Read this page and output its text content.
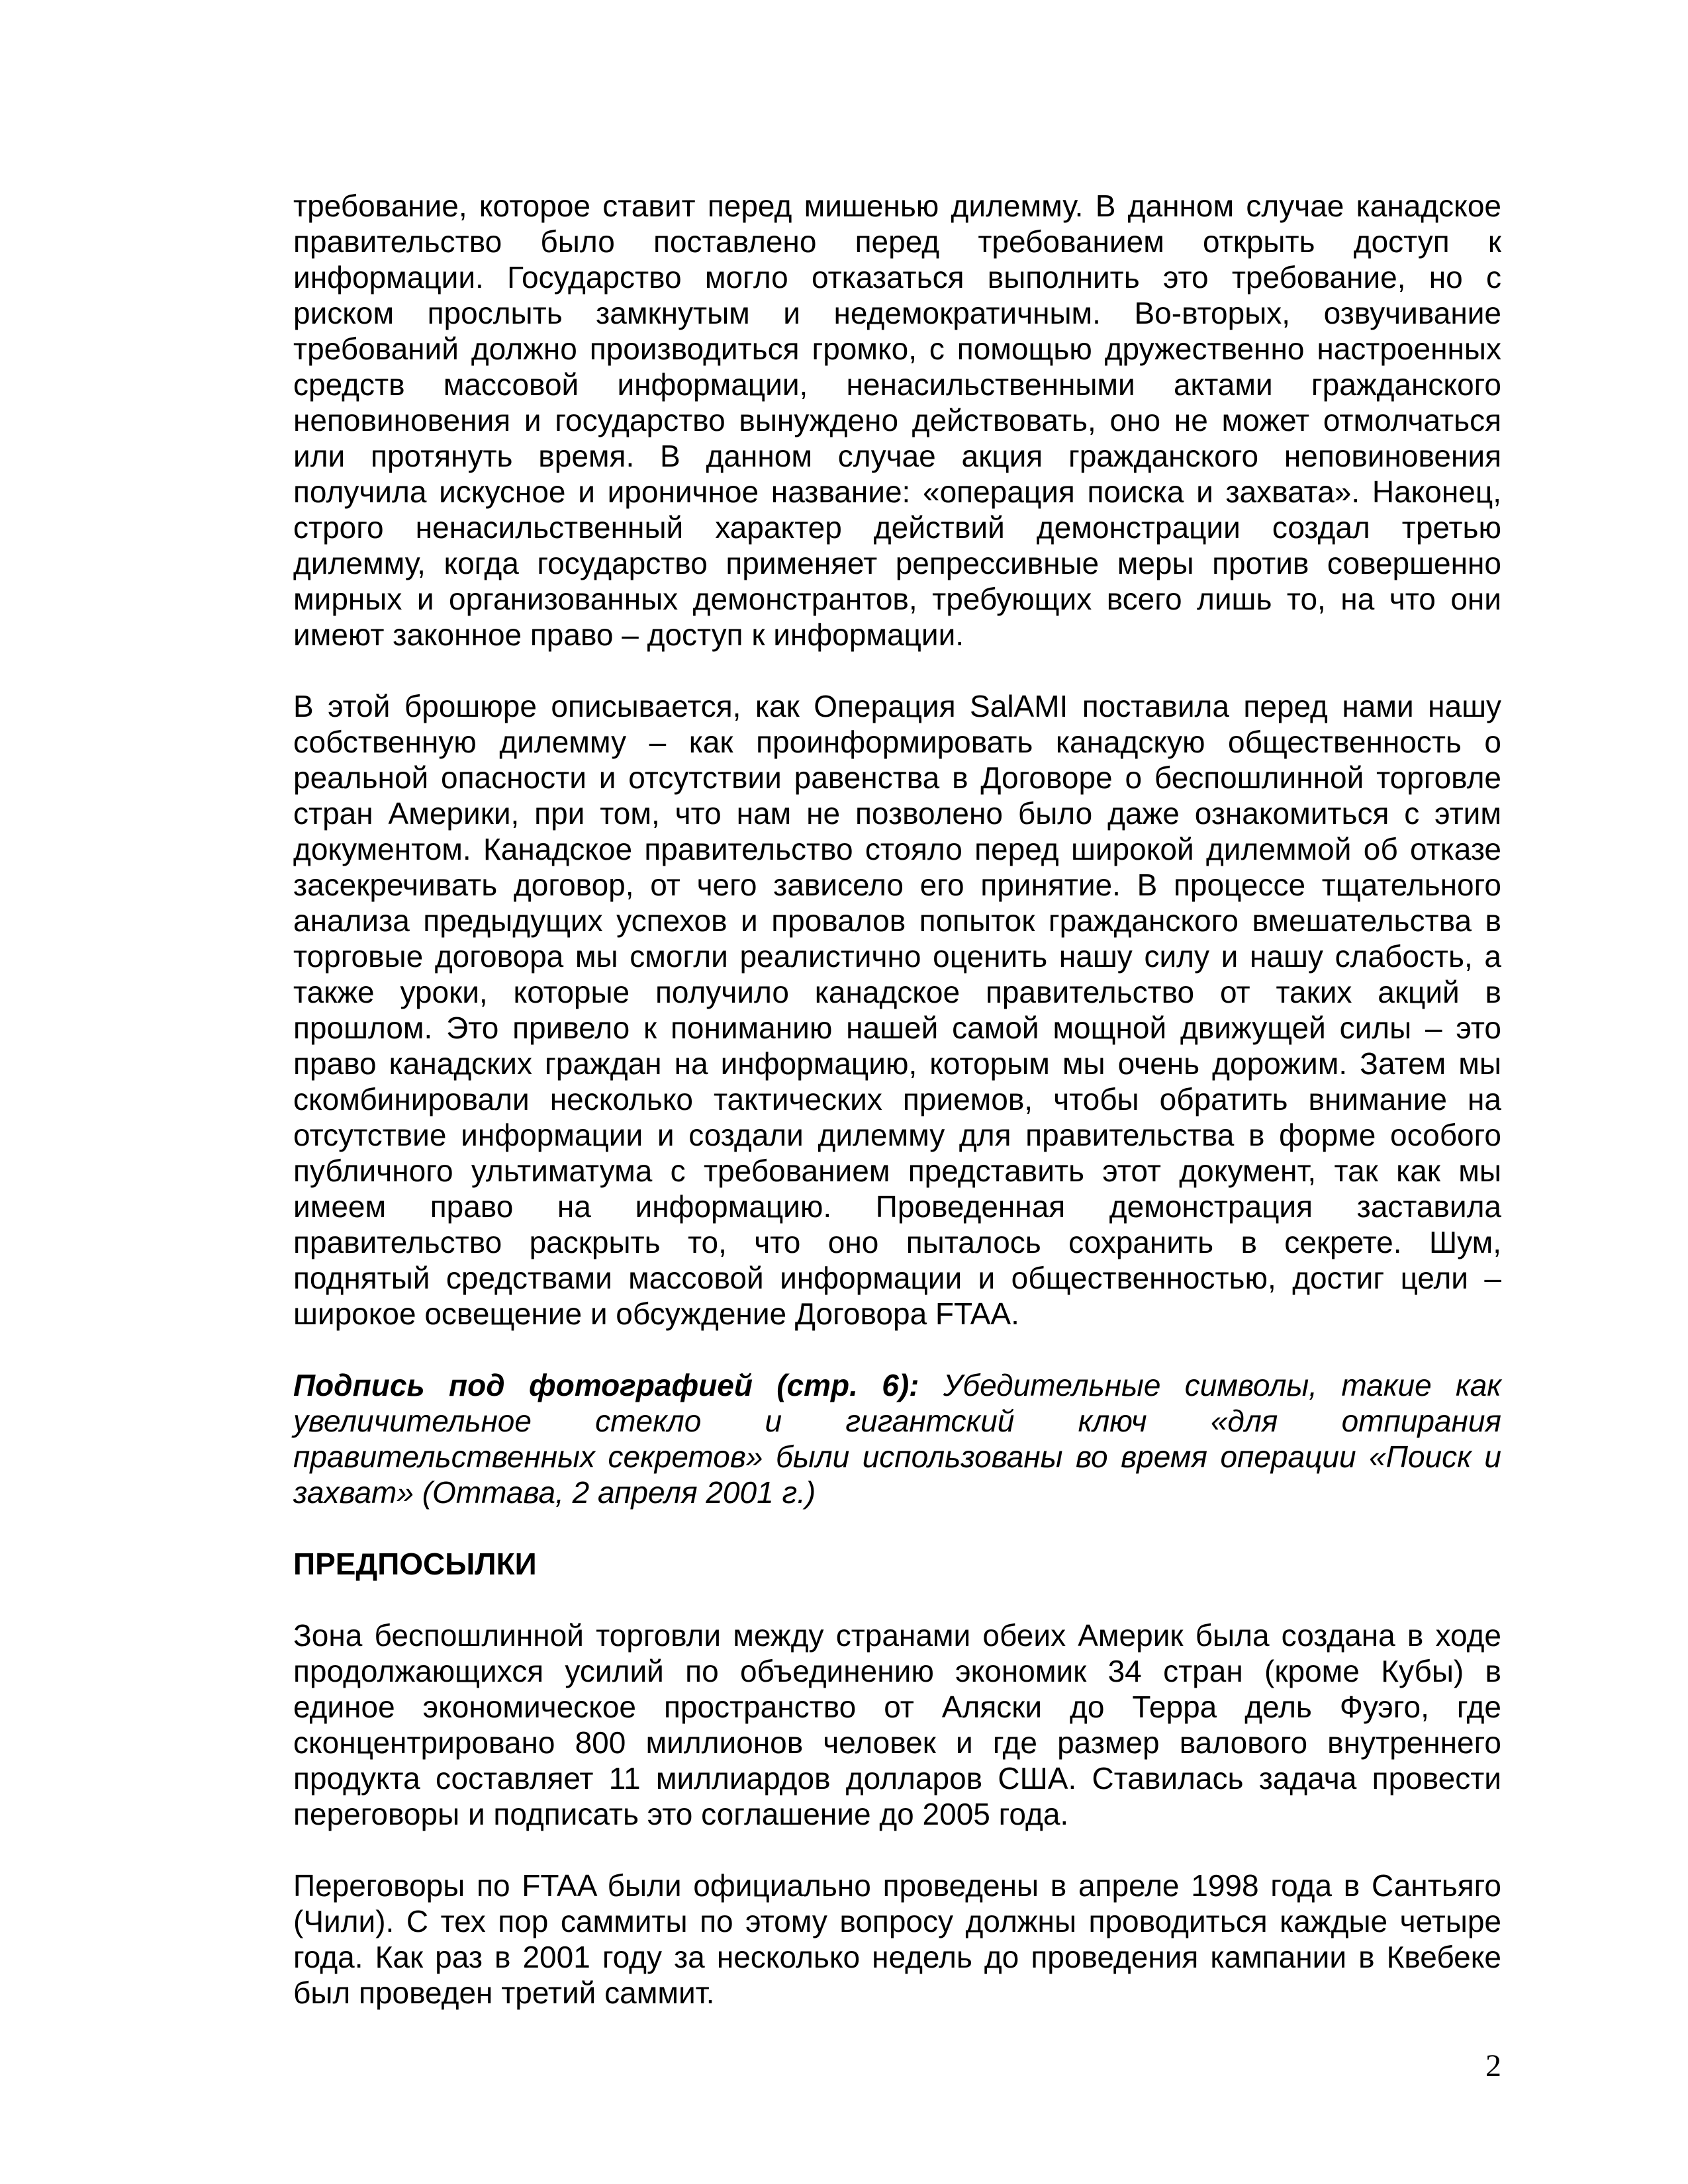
требование, которое ставит перед мишенью дилемму. В данном случае канадское
правительство было поставлено перед требованием открыть доступ к
информации. Государство могло отказаться выполнить это требование, но с
риском прослыть замкнутым и недемократичным. Во-вторых, озвучивание
требований должно производиться громко, с помощью дружественно настроенных
средств массовой информации, ненасильственными актами гражданского
неповиновения и государство вынуждено действовать, оно не может отмолчаться
или протянуть время. В данном случае акция гражданского неповиновения
получила искусное и ироничное название: «операция поиска и захвата». Наконец,
строго ненасильственный характер действий демонстрации создал третью
дилемму, когда государство применяет репрессивные меры против совершенно
мирных и организованных демонстрантов, требующих всего лишь то, на что они
имеют законное право – доступ к информации.
В этой брошюре описывается, как Операция SalAMI поставила перед нами нашу
собственную дилемму – как проинформировать канадскую общественность о
реальной опасности и отсутствии равенства в Договоре о беспошлинной торговле
стран Америки, при том, что нам не позволено было даже ознакомиться с этим
документом. Канадское правительство стояло перед широкой дилеммой об отказе
засекречивать договор, от чего зависело его принятие. В процессе тщательного
анализа предыдущих успехов и провалов попыток гражданского вмешательства в
торговые договора мы смогли реалистично оценить нашу силу и нашу слабость, а
также уроки, которые получило канадское правительство от таких акций в
прошлом. Это привело к пониманию нашей самой мощной движущей силы – это
право канадских граждан на информацию, которым мы очень дорожим. Затем мы
скомбинировали несколько тактических приемов, чтобы обратить внимание на
отсутствие информации и создали дилемму для правительства в форме особого
публичного ультиматума с требованием представить этот документ, так как мы
имеем право на информацию. Проведенная демонстрация заставила
правительство раскрыть то, что оно пыталось сохранить в секрете. Шум,
поднятый средствами массовой информации и общественностью, достиг цели –
широкое освещение и обсуждение Договора FTAA.
Подпись под фотографией (стр. 6): Убедительные символы, такие как
увеличительное стекло и гигантский ключ «для отпирания
правительственных секретов» были использованы во время операции «Поиск и
захват» (Оттава, 2 апреля 2001 г.)
ПРЕДПОСЫЛКИ
Зона беспошлинной торговли между странами обеих Америк была создана в ходе
продолжающихся усилий по объединению экономик 34 стран (кроме Кубы) в
единое экономическое пространство от Аляски до Терра дель Фуэго, где
сконцентрировано 800 миллионов человек и где размер валового внутреннего
продукта составляет 11 миллиардов долларов США. Ставилась задача провести
переговоры и подписать это соглашение до 2005 года.
Переговоры по FTAA были официально проведены в апреле 1998 года в Сантьяго
(Чили). С тех пор саммиты по этому вопросу должны проводиться каждые четыре
года. Как раз в 2001 году за несколько недель до проведения кампании в Квебеке
был проведен третий саммит.
2
